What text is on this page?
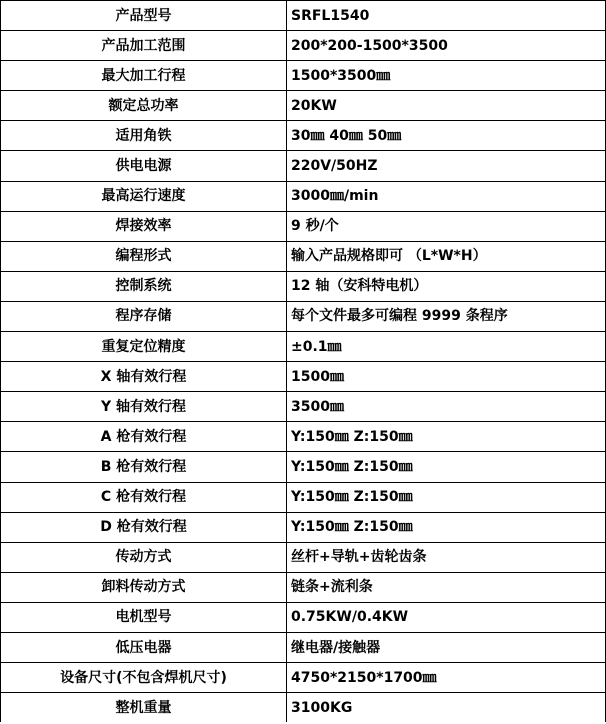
产品型号	SRFL1540
产品加工范围	200*200-1500*3500
最大加工行程	1500*3500㎜
额定总功率	20KW
适用角铁	30㎜ 40㎜ 50㎜
供电电源	220V/50HZ
最高运行速度	3000㎜/min
焊接效率	9 秒/个
编程形式	输入产品规格即可 （L*W*H）
控制系统	12 轴（安科特电机）
程序存储	每个文件最多可编程 9999 条程序
重复定位精度	±0.1㎜
X 轴有效行程	1500㎜
Y 轴有效行程	3500㎜
A 枪有效行程	Y:150㎜ Z:150㎜
B 枪有效行程	Y:150㎜ Z:150㎜
C 枪有效行程	Y:150㎜ Z:150㎜
D 枪有效行程	Y:150㎜ Z:150㎜
传动方式	丝杆+导轨+齿轮齿条
卸料传动方式	链条+流利条
电机型号	0.75KW/0.4KW
低压电器	继电器/接触器
设备尺寸(不包含焊机尺寸)	4750*2150*1700㎜
整机重量	3100KG
